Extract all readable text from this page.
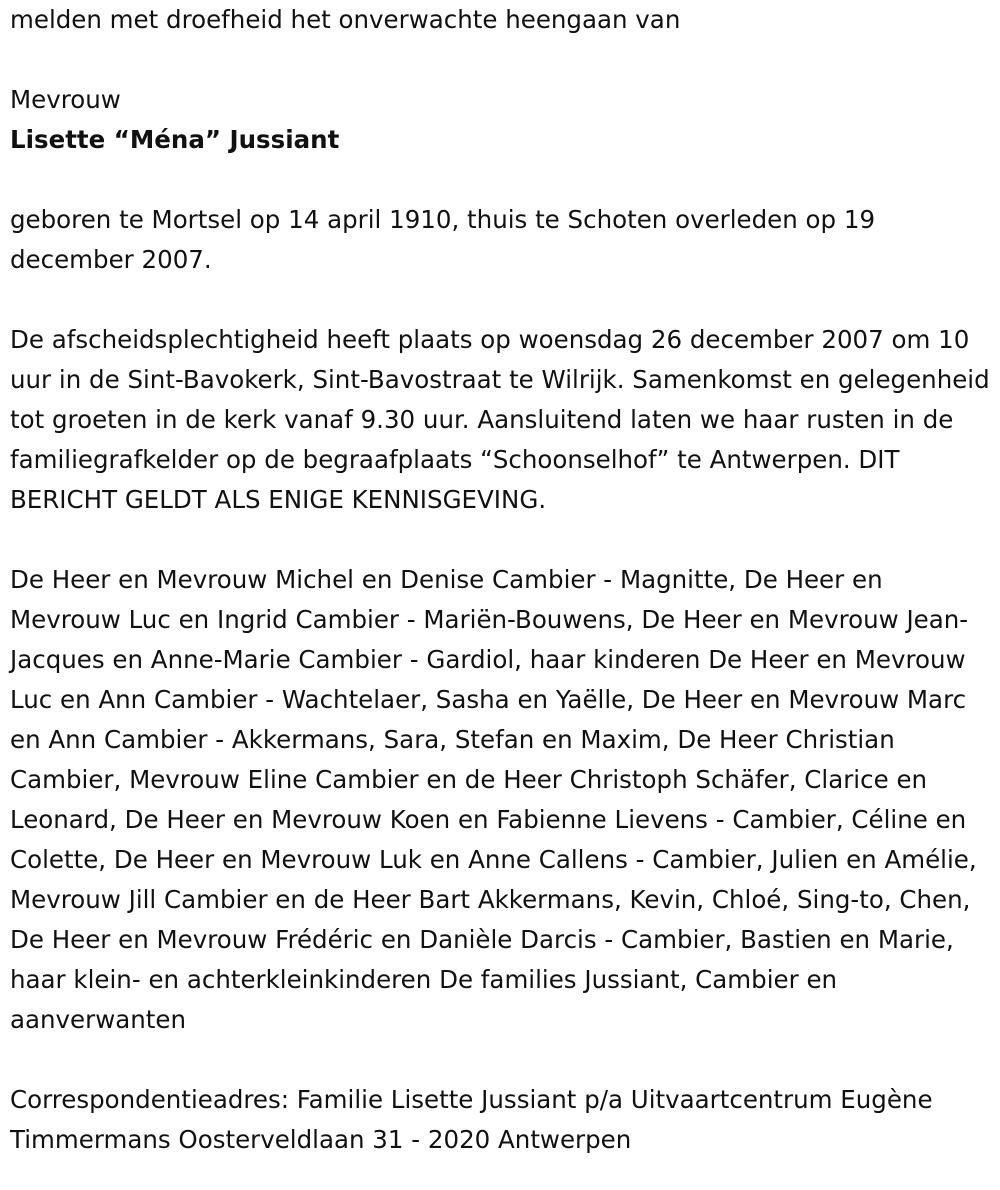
melden met droefheid het onverwachte heengaan van

Mevrouw

Lisette “Ména” Jussiant

geboren te Mortsel op 14 april 1910, thuis te Schoten overleden op 19 december 2007.

De afscheidsplechtigheid heeft plaats op woensdag 26 december 2007 om 10 uur in de Sint-Bavokerk, Sint-Bavostraat te Wilrijk. Samenkomst en gelegenheid tot groeten in de kerk vanaf 9.30 uur. Aansluitend laten we haar rusten in de familiegrafkelder op de begraafplaats “Schoonselhof” te Antwerpen. DIT BERICHT GELDT ALS ENIGE KENNISGEVING.

De Heer en Mevrouw Michel en Denise Cambier - Magnitte, De Heer en Mevrouw Luc en Ingrid Cambier - Mariën-Bouwens, De Heer en Mevrouw Jean-Jacques en Anne-Marie Cambier - Gardiol, haar kinderen De Heer en Mevrouw Luc en Ann Cambier - Wachtelaer, Sasha en Yaëlle, De Heer en Mevrouw Marc en Ann Cambier - Akkermans, Sara, Stefan en Maxim, De Heer Christian Cambier, Mevrouw Eline Cambier en de Heer Christoph Schäfer, Clarice en Leonard, De Heer en Mevrouw Koen en Fabienne Lievens - Cambier, Céline en Colette, De Heer en Mevrouw Luk en Anne Callens - Cambier, Julien en Amélie, Mevrouw Jill Cambier en de Heer Bart Akkermans, Kevin, Chloé, Sing-to, Chen, De Heer en Mevrouw Frédéric en Danièle Darcis - Cambier, Bastien en Marie, haar klein- en achterkleinkinderen De families Jussiant, Cambier en aanverwanten

Correspondentieadres: Familie Lisette Jussiant p/a Uitvaartcentrum Eugène Timmermans Oosterveldlaan 31 - 2020 Antwerpen
